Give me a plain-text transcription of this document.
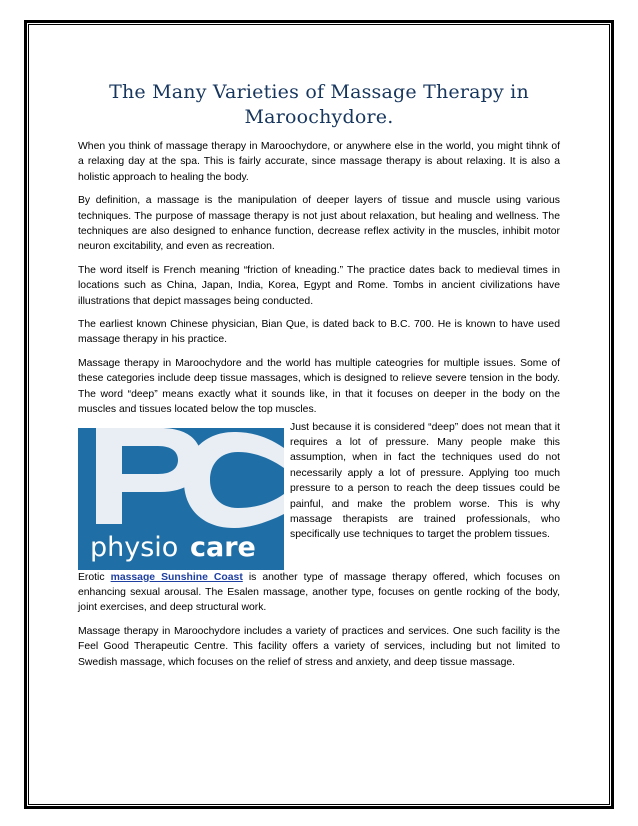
The Many Varieties of Massage Therapy in Maroochydore.

When you think of massage therapy in Maroochydore, or anywhere else in the world, you might tihnk of a relaxing day at the spa. This is fairly accurate, since massage therapy is about relaxing. It is also a holistic approach to healing the body.

By definition, a massage is the manipulation of deeper layers of tissue and muscle using various techniques. The purpose of massage therapy is not just about relaxation, but healing and wellness. The techniques are also designed to enhance function, decrease reflex activity in the muscles, inhibit motor neuron excitability, and even as recreation.

The word itself is French meaning “friction of kneading.” The practice dates back to medieval times in locations such as China, Japan, India, Korea, Egypt and Rome. Tombs in ancient civilizations have illustrations that depict massages being conducted.

The earliest known Chinese physician, Bian Que, is dated back to B.C. 700. He is known to have used massage therapy in his practice.

Massage therapy in Maroochydore and the world has multiple cateogries for multiple issues. Some of these categories include deep tissue massages, which is designed to relieve severe tension in the body. The word “deep” means exactly what it sounds like, in that it focuses on deeper in the body on the muscles and tissues located below the top muscles.

physio care

Just because it is considered “deep” does not mean that it requires a lot of pressure. Many people make this assumption, when in fact the techniques used do not necessarily apply a lot of pressure. Applying too much pressure to a person to reach the deep tissues could be painful, and make the problem worse. This is why massage therapists are trained professionals, who specifically use techniques to target the problem tissues.

Erotic massage Sunshine Coast is another type of massage therapy offered, which focuses on enhancing sexual arousal. The Esalen massage, another type, focuses on gentle rocking of the body, joint exercises, and deep structural work.

Massage therapy in Maroochydore includes a variety of practices and services. One such facility is the Feel Good Therapeutic Centre. This facility offers a variety of services, including but not limited to Swedish massage, which focuses on the relief of stress and anxiety, and deep tissue massage.
